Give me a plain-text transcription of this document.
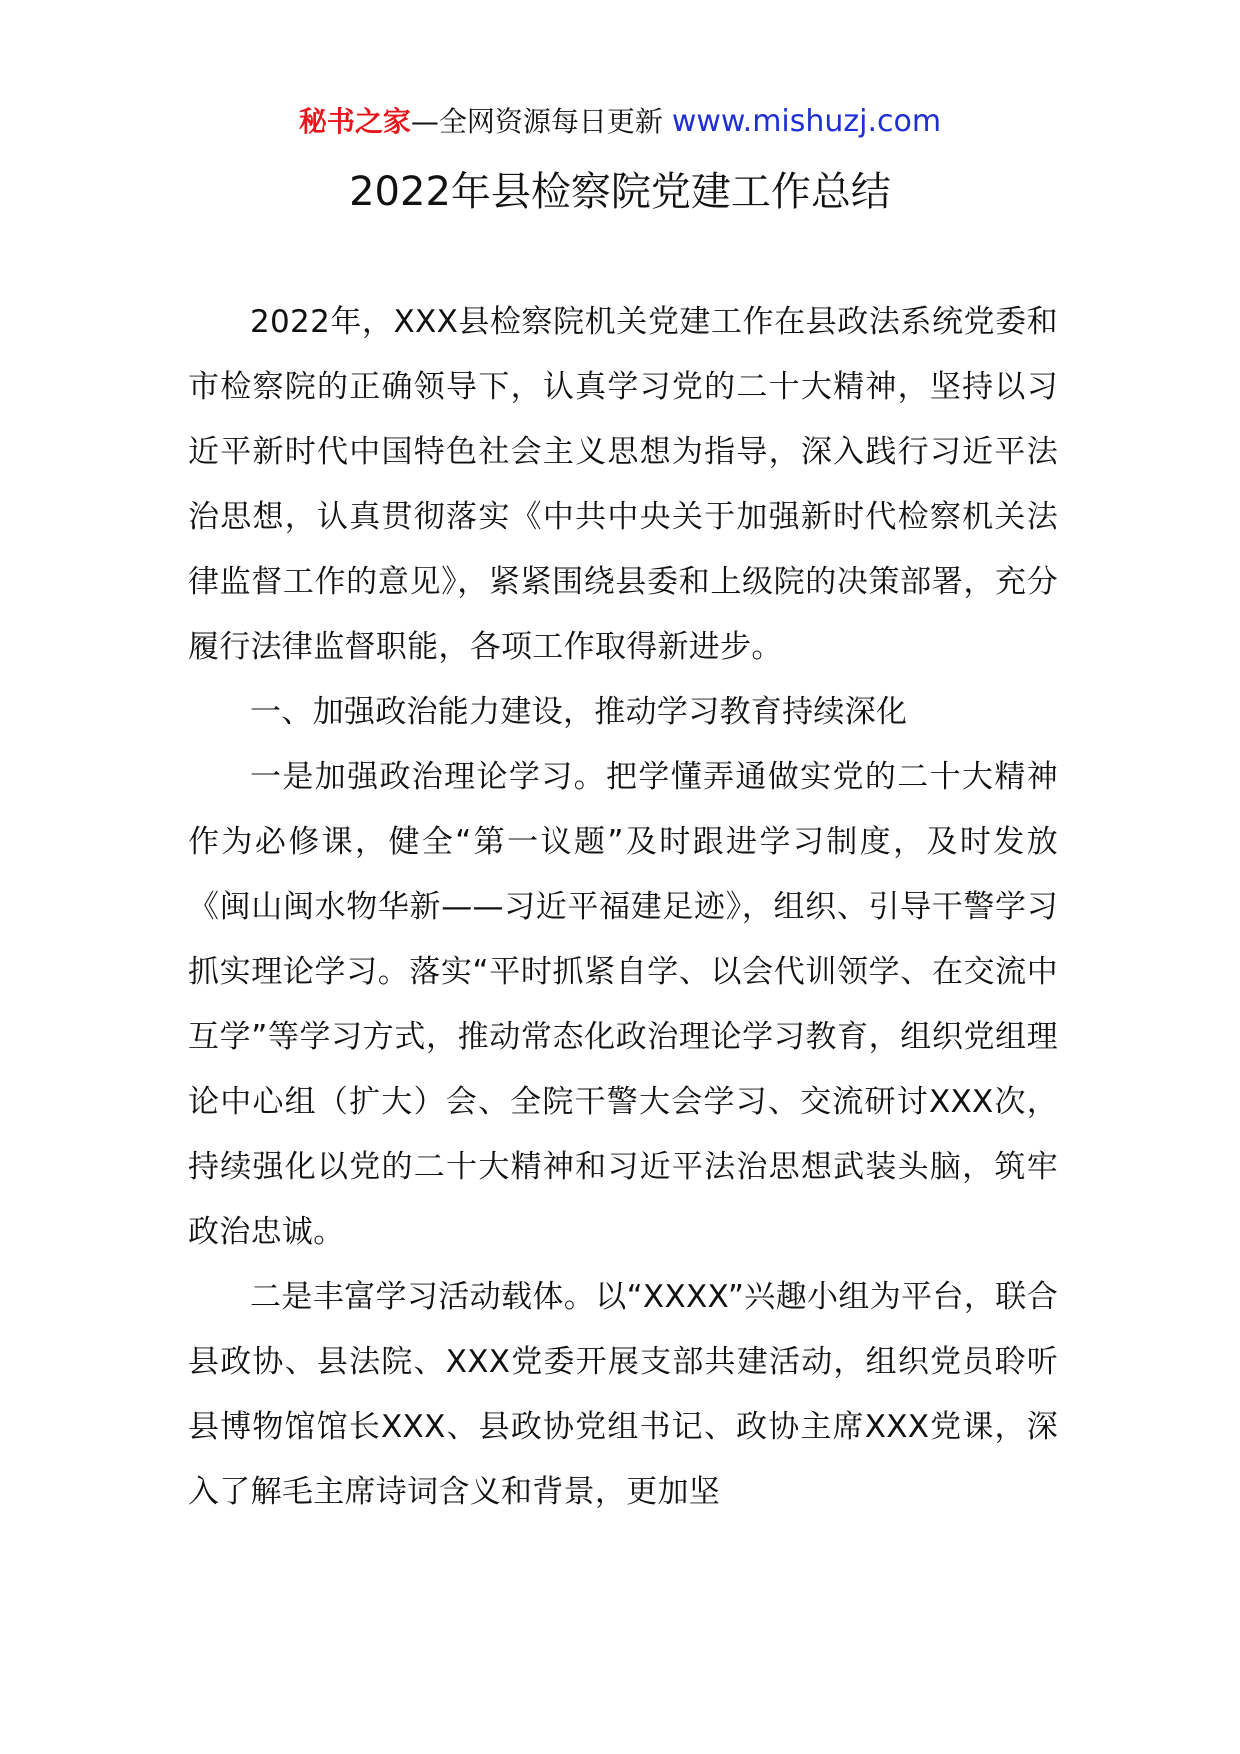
秘书之家—全网资源每日更新 www.mishuzj.com
2022年县检察院党建工作总结

2022年，XXX县检察院机关党建工作在县政法系统党委和市检察院的正确领导下，认真学习党的二十大精神，坚持以习近平新时代中国特色社会主义思想为指导，深入践行习近平法治思想，认真贯彻落实《中共中央关于加强新时代检察机关法律监督工作的意见》，紧紧围绕县委和上级院的决策部署，充分履行法律监督职能，各项工作取得新进步。

一、加强政治能力建设，推动学习教育持续深化

一是加强政治理论学习。把学懂弄通做实党的二十大精神作为必修课，健全“第一议题”及时跟进学习制度，及时发放《闽山闽水物华新——习近平福建足迹》，组织、引导干警学习抓实理论学习。落实“平时抓紧自学、以会代训领学、在交流中互学”等学习方式，推动常态化政治理论学习教育，组织党组理论中心组（扩大）会、全院干警大会学习、交流研讨XXX次，持续强化以党的二十大精神和习近平法治思想武装头脑，筑牢政治忠诚。

二是丰富学习活动载体。以“XXXX”兴趣小组为平台，联合县政协、县法院、XXX党委开展支部共建活动，组织党员聆听县博物馆馆长XXX、县政协党组书记、政协主席XXX党课，深入了解毛主席诗词含义和背景，更加坚
